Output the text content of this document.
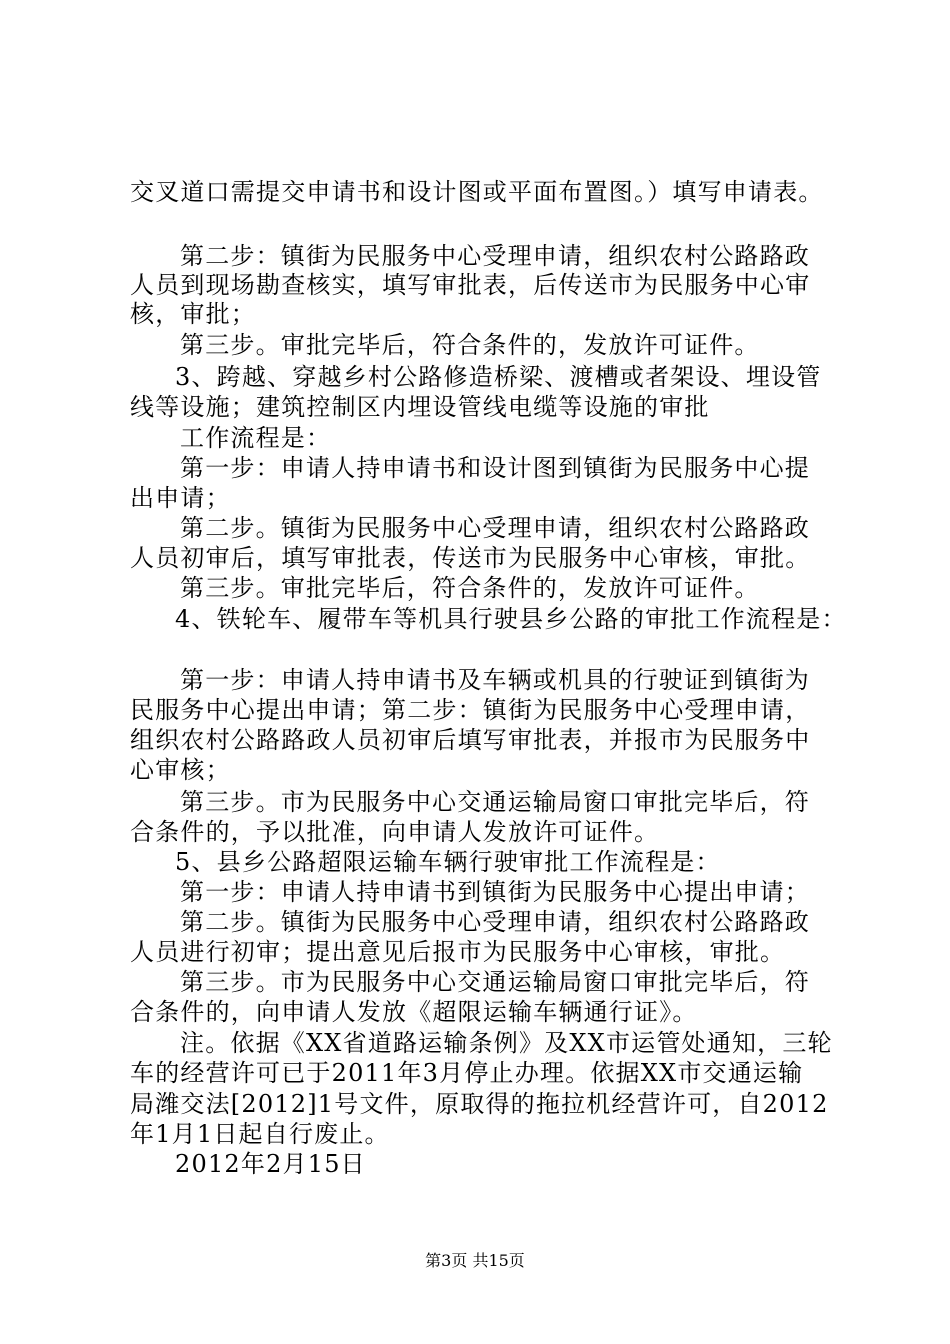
交叉道口需提交申请书和设计图或平面布置图。）填写申请表。
第二步：镇街为民服务中心受理申请，组织农村公路路政
人员到现场勘查核实，填写审批表，后传送市为民服务中心审
核，审批；
第三步。审批完毕后，符合条件的，发放许可证件。
3、跨越、穿越乡村公路修造桥梁、渡槽或者架设、埋设管
线等设施；建筑控制区内埋设管线电缆等设施的审批
工作流程是：
第一步：申请人持申请书和设计图到镇街为民服务中心提
出申请；
第二步。镇街为民服务中心受理申请，组织农村公路路政
人员初审后，填写审批表，传送市为民服务中心审核，审批。
第三步。审批完毕后，符合条件的，发放许可证件。
4、铁轮车、履带车等机具行驶县乡公路的审批工作流程是：
第一步：申请人持申请书及车辆或机具的行驶证到镇街为
民服务中心提出申请；第二步：镇街为民服务中心受理申请，
组织农村公路路政人员初审后填写审批表，并报市为民服务中
心审核；
第三步。市为民服务中心交通运输局窗口审批完毕后，符
合条件的，予以批准，向申请人发放许可证件。
5、县乡公路超限运输车辆行驶审批工作流程是：
第一步：申请人持申请书到镇街为民服务中心提出申请；
第二步。镇街为民服务中心受理申请，组织农村公路路政
人员进行初审；提出意见后报市为民服务中心审核，审批。
第三步。市为民服务中心交通运输局窗口审批完毕后，符
合条件的，向申请人发放《超限运输车辆通行证》。
注。依据《XX省道路运输条例》及XX市运管处通知，三轮
车的经营许可已于2011年3月停止办理。依据XX市交通运输
局潍交法[2012]1号文件，原取得的拖拉机经营许可，自2012
年1月1日起自行废止。
2012年2月15日
第3页 共15页
